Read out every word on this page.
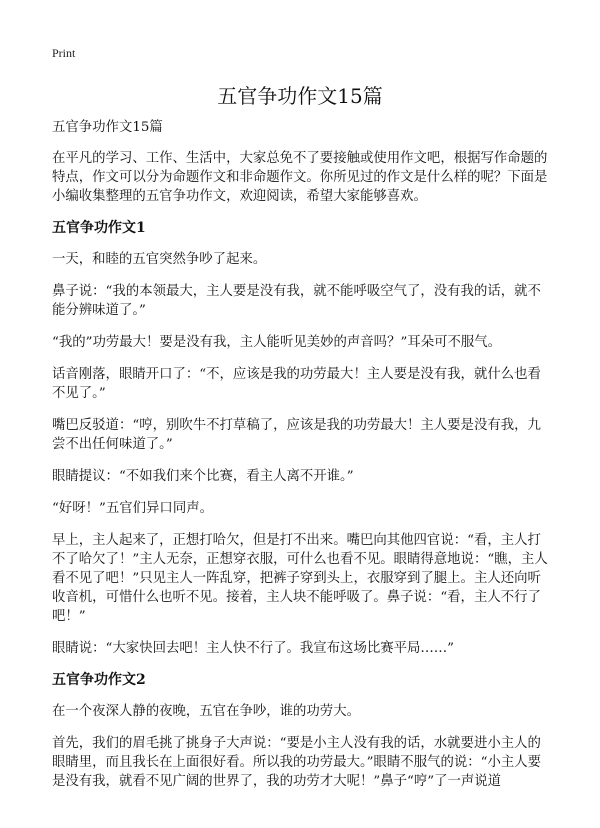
Print
五官争功作文15篇

五官争功作文15篇

在平凡的学习、工作、生活中，大家总免不了要接触或使用作文吧，根据写作命题的特点，作文可以分为命题作文和非命题作文。你所见过的作文是什么样的呢？下面是小编收集整理的五官争功作文，欢迎阅读，希望大家能够喜欢。

五官争功作文1

一天，和睦的五官突然争吵了起来。

鼻子说：“我的本领最大，主人要是没有我，就不能呼吸空气了，没有我的话，就不能分辨味道了。”

“我的”功劳最大！要是没有我，主人能听见美妙的声音吗？”耳朵可不服气。

话音刚落，眼睛开口了：“不，应该是我的功劳最大！主人要是没有我，就什么也看不见了。”

嘴巴反驳道：“哼，别吹牛不打草稿了，应该是我的功劳最大！主人要是没有我，九尝不出任何味道了。”

眼睛提议：“不如我们来个比赛，看主人离不开谁。”

“好呀！”五官们异口同声。

早上，主人起来了，正想打哈欠，但是打不出来。嘴巴向其他四官说：“看，主人打不了哈欠了！”主人无奈，正想穿衣服，可什么也看不见。眼睛得意地说：“瞧，主人看不见了吧！”只见主人一阵乱穿，把裤子穿到头上，衣服穿到了腿上。主人还向听收音机，可惜什么也听不见。接着，主人块不能呼吸了。鼻子说：“看，主人不行了吧！”

眼睛说：“大家快回去吧！主人快不行了。我宣布这场比赛平局……”

五官争功作文2

在一个夜深人静的夜晚，五官在争吵，谁的功劳大。

首先，我们的眉毛挑了挑身子大声说：“要是小主人没有我的话，水就要进小主人的眼睛里，而且我长在上面很好看。所以我的功劳最大。”眼睛不服气的说：“小主人要是没有我，就看不见广阔的世界了，我的功劳才大呢！”鼻子“哼”了一声说道
